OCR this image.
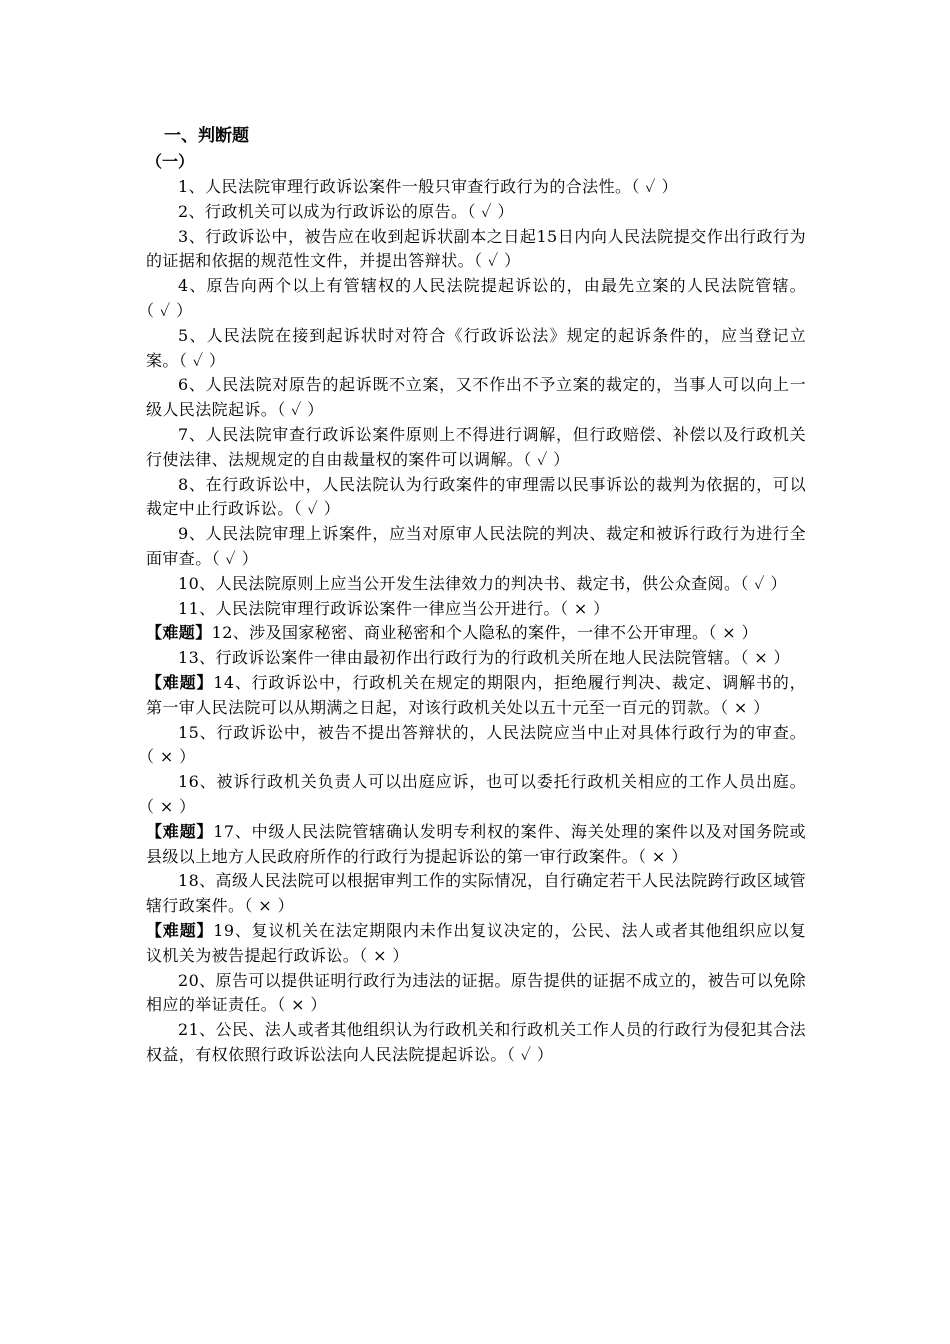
一、判断题
（一）
1、人民法院审理行政诉讼案件一般只审查行政行为的合法性。（ ✓ ）
2、行政机关可以成为行政诉讼的原告。（ ✓ ）
3、行政诉讼中，被告应在收到起诉状副本之日起15日内向人民法院提交作出行政行为的证据和依据的规范性文件，并提出答辩状。（ ✓ ）
4、原告向两个以上有管辖权的人民法院提起诉讼的，由最先立案的人民法院管辖。（ ✓ ）
5、人民法院在接到起诉状时对符合《行政诉讼法》规定的起诉条件的，应当登记立案。（ ✓ ）
6、人民法院对原告的起诉既不立案，又不作出不予立案的裁定的，当事人可以向上一级人民法院起诉。（ ✓ ）
7、人民法院审查行政诉讼案件原则上不得进行调解，但行政赔偿、补偿以及行政机关行使法律、法规规定的自由裁量权的案件可以调解。（ ✓ ）
8、在行政诉讼中，人民法院认为行政案件的审理需以民事诉讼的裁判为依据的，可以裁定中止行政诉讼。（ ✓ ）
9、人民法院审理上诉案件，应当对原审人民法院的判决、裁定和被诉行政行为进行全面审查。（ ✓ ）
10、人民法院原则上应当公开发生法律效力的判决书、裁定书，供公众查阅。（ ✓ ）
11、人民法院审理行政诉讼案件一律应当公开进行。（ × ）
【难题】12、涉及国家秘密、商业秘密和个人隐私的案件，一律不公开审理。（ × ）
13、行政诉讼案件一律由最初作出行政行为的行政机关所在地人民法院管辖。（ × ）
【难题】14、行政诉讼中，行政机关在规定的期限内，拒绝履行判决、裁定、调解书的，第一审人民法院可以从期满之日起，对该行政机关处以五十元至一百元的罚款。（ × ）
15、行政诉讼中，被告不提出答辩状的，人民法院应当中止对具体行政行为的审查。（ × ）
16、被诉行政机关负责人可以出庭应诉，也可以委托行政机关相应的工作人员出庭。（ × ）
【难题】17、中级人民法院管辖确认发明专利权的案件、海关处理的案件以及对国务院或县级以上地方人民政府所作的行政行为提起诉讼的第一审行政案件。（ × ）
18、高级人民法院可以根据审判工作的实际情况，自行确定若干人民法院跨行政区域管辖行政案件。（ × ）
【难题】19、复议机关在法定期限内未作出复议决定的，公民、法人或者其他组织应以复议机关为被告提起行政诉讼。（ × ）
20、原告可以提供证明行政行为违法的证据。原告提供的证据不成立的，被告可以免除相应的举证责任。（ × ）
21、公民、法人或者其他组织认为行政机关和行政机关工作人员的行政行为侵犯其合法权益，有权依照行政诉讼法向人民法院提起诉讼。（ ✓ ）
